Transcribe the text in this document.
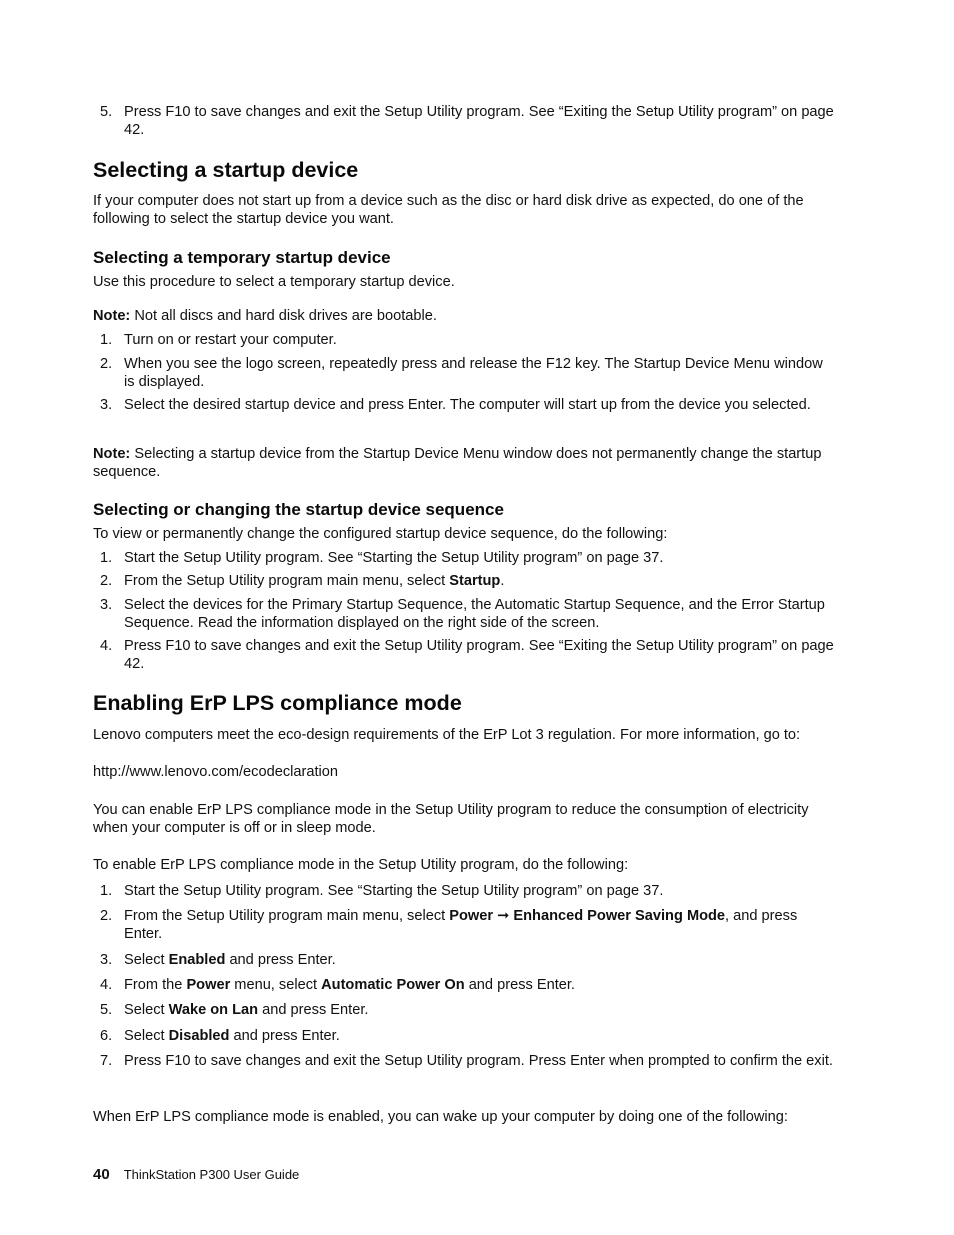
5. Press F10 to save changes and exit the Setup Utility program. See “Exiting the Setup Utility program” on page 42.
Selecting a startup device
If your computer does not start up from a device such as the disc or hard disk drive as expected, do one of the following to select the startup device you want.
Selecting a temporary startup device
Use this procedure to select a temporary startup device.
Note: Not all discs and hard disk drives are bootable.
1. Turn on or restart your computer.
2. When you see the logo screen, repeatedly press and release the F12 key. The Startup Device Menu window is displayed.
3. Select the desired startup device and press Enter. The computer will start up from the device you selected.
Note: Selecting a startup device from the Startup Device Menu window does not permanently change the startup sequence.
Selecting or changing the startup device sequence
To view or permanently change the configured startup device sequence, do the following:
1. Start the Setup Utility program. See “Starting the Setup Utility program” on page 37.
2. From the Setup Utility program main menu, select Startup.
3. Select the devices for the Primary Startup Sequence, the Automatic Startup Sequence, and the Error Startup Sequence. Read the information displayed on the right side of the screen.
4. Press F10 to save changes and exit the Setup Utility program. See “Exiting the Setup Utility program” on page 42.
Enabling ErP LPS compliance mode
Lenovo computers meet the eco-design requirements of the ErP Lot 3 regulation. For more information, go to:
http://www.lenovo.com/ecodeclaration
You can enable ErP LPS compliance mode in the Setup Utility program to reduce the consumption of electricity when your computer is off or in sleep mode.
To enable ErP LPS compliance mode in the Setup Utility program, do the following:
1. Start the Setup Utility program. See “Starting the Setup Utility program” on page 37.
2. From the Setup Utility program main menu, select Power ➞ Enhanced Power Saving Mode, and press Enter.
3. Select Enabled and press Enter.
4. From the Power menu, select Automatic Power On and press Enter.
5. Select Wake on Lan and press Enter.
6. Select Disabled and press Enter.
7. Press F10 to save changes and exit the Setup Utility program. Press Enter when prompted to confirm the exit.
When ErP LPS compliance mode is enabled, you can wake up your computer by doing one of the following:
40 ThinkStation P300 User Guide
